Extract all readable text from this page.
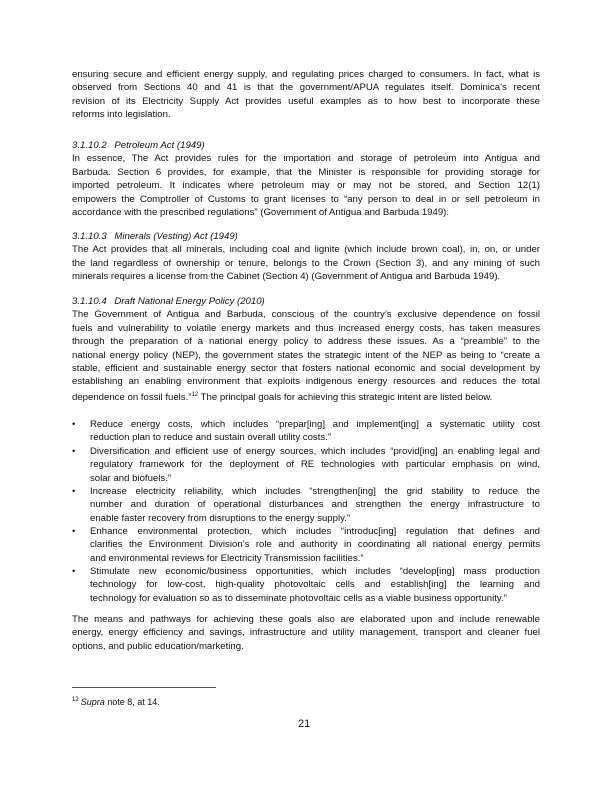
ensuring secure and efficient energy supply, and regulating prices charged to consumers. In fact, what is
observed from Sections 40 and 41 is that the government/APUA regulates itself. Dominica’s recent
revision of its Electricity Supply Act provides useful examples as to how best to incorporate these
reforms into legislation.
3.1.10.2 Petroleum Act (1949)
In essence, The Act provides rules for the importation and storage of petroleum into Antigua and
Barbuda. Section 6 provides, for example, that the Minister is responsible for providing storage for
imported petroleum. It indicates where petroleum may or may not be stored, and Section 12(1)
empowers the Comptroller of Customs to grant licenses to “any person to deal in or sell petroleum in
accordance with the prescribed regulations” (Government of Antigua and Barbuda 1949).
3.1.10.3 Minerals (Vesting) Act (1949)
The Act provides that all minerals, including coal and lignite (which include brown coal), in, on, or under
the land regardless of ownership or tenure, belongs to the Crown (Section 3), and any mining of such
minerals requires a license from the Cabinet (Section 4) (Government of Antigua and Barbuda 1949).
3.1.10.4 Draft National Energy Policy (2010)
The Government of Antigua and Barbuda, conscious of the country’s exclusive dependence on fossil
fuels and vulnerability to volatile energy markets and thus increased energy costs, has taken measures
through the preparation of a national energy policy to address these issues. As a “preamble” to the
national energy policy (NEP), the government states the strategic intent of the NEP as being to “create a
stable, efficient and sustainable energy sector that fosters national economic and social development by
establishing an enabling environment that exploits indigenous energy resources and reduces the total
dependence on fossil fuels.”$^{12}$ The principal goals for achieving this strategic intent are listed below.
•	Reduce energy costs, which includes “prepar[ing] and implement[ing] a systematic utility cost
reduction plan to reduce and sustain overall utility costs.”
•	Diversification and efficient use of energy sources, which includes “provid[ing] an enabling legal and
regulatory framework for the deployment of RE technologies with particular emphasis on wind,
solar and biofuels.”
•	Increase electricity reliability, which includes “strengthen[ing] the grid stability to reduce the
number and duration of operational disturbances and strengthen the energy infrastructure to
enable faster recovery from disruptions to the energy supply.”
•	Enhance environmental protection, which includes “introduc[ing] regulation that defines and
clarifies the Environment Division’s role and authority in coordinating all national energy permits
and environmental reviews for Electricity Transmission facilities.”
•	Stimulate new economic/business opportunities, which includes “develop[ing] mass production
technology for low-cost, high-quality photovoltaic cells and establish[ing] the learning and
technology for evaluation so as to disseminate photovoltaic cells as a viable business opportunity.”
The means and pathways for achieving these goals also are elaborated upon and include renewable
energy, energy efficiency and savings, infrastructure and utility management, transport and cleaner fuel
options, and public education/marketing.
$^{12}$ Supra note 8, at 14.
21
